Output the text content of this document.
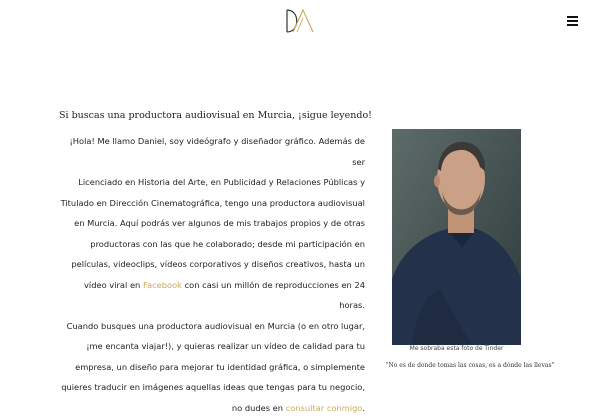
Si buscas una productora audiovisual en Murcia, ¡sigue leyendo!
¡Hola! Me llamo Daniel, soy videógrafo y diseñador gráfico. Además de ser
Licenciado en Historia del Arte, en Publicidad y Relaciones Públicas y
Titulado en Dirección Cinematográfica, tengo una productora audiovisual
en Murcia. Aquí podrás ver algunos de mis trabajos propios y de otras
productoras con las que he colaborado; desde mi participación en
películas, videoclips, vídeos corporativos y diseños creativos, hasta un
vídeo viral en Facebook con casi un millón de reproducciones en 24 horas.
Cuando busques una productora audiovisual en Murcia (o en otro lugar,
¡me encanta viajar!), y quieras realizar un vídeo de calidad para tu
empresa, un diseño para mejorar tu identidad gráfica, o simplemente
quieres traducir en imágenes aquellas ideas que tengas para tu negocio,
no dudes en consultar conmigo.
Me sobraba esta foto de Tinder
"No es de donde tomas las cosas, es a dónde las llevas"
